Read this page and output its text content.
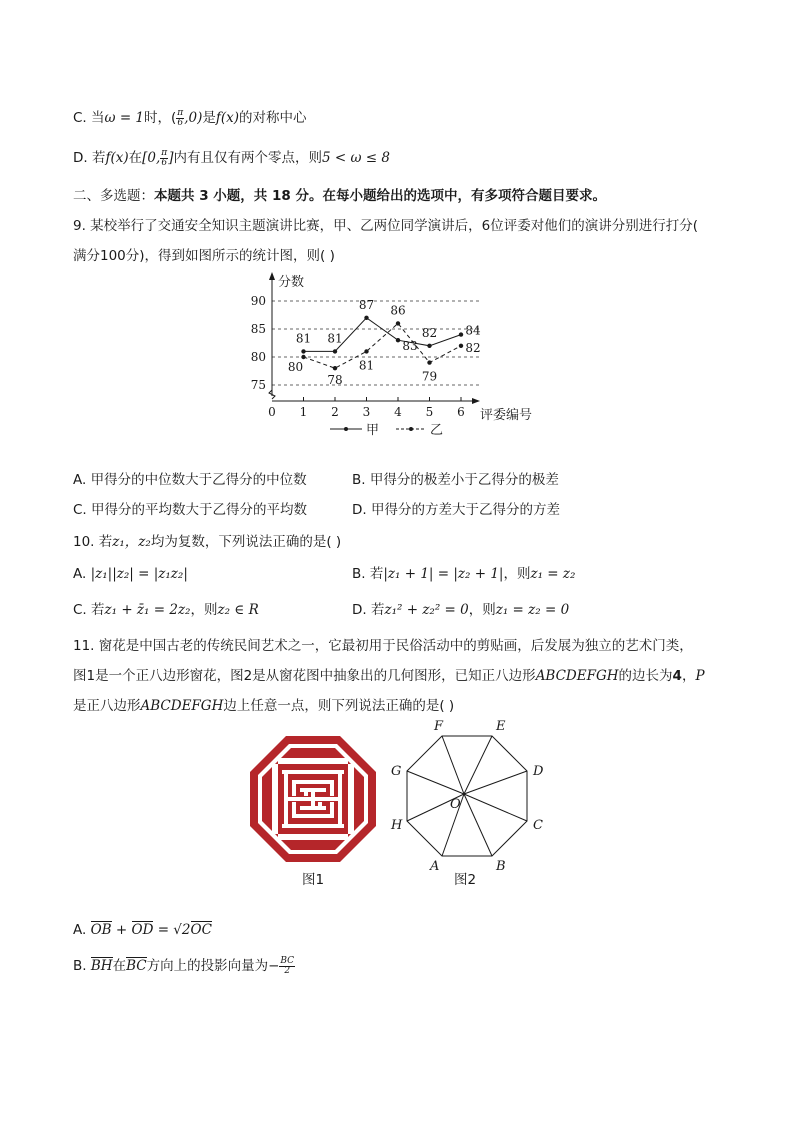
C. 当ω = 1时，( $\frac{\pi}{6} ,0$)是f(x)的对称中心
D. 若f(x)在[0, $\frac{\pi}{6}$ ]内有且仅有两个零点，则5 < ω ≤ 8
二、多选题：本题共 3 小题，共 18 分。在每小题给出的选项中，有多项符合题目要求。
9. 某校举行了交通安全知识主题演讲比赛，甲、乙两位同学演讲后，6位评委对他们的演讲分别进行打分(
满分100分)，得到如图所示的统计图，则( )
75
80
85
90
0 1 2 3 4 5 6
分数
评委编号
81 81
87
83
82 84
80
78
81
86
79
82
甲	乙
A. 甲得分的中位数大于乙得分的中位数	B. 甲得分的极差小于乙得分的极差
C. 甲得分的平均数大于乙得分的平均数	D. 甲得分的方差大于乙得分的方差
10. 若z₁，z₂均为复数，下列说法正确的是( )
A. |z₁||z₂| = |z₁z₂|	B. 若|z₁ + 1| = |z₂ + 1|，则z₁ = z₂
C. 若z₁ + z̄₁ = 2z₂，则z₂ ∈ R	D. 若z₁² + z₂² = 0，则z₁ = z₂ = 0
11. 窗花是中国古老的传统民间艺术之一，它最初用于民俗活动中的剪贴画，后发展为独立的艺术门类，
图1是一个正八边形窗花，图2是从窗花图中抽象出的几何图形，已知正八边形ABCDEFGH的边长为4，P
是正八边形ABCDEFGH边上任意一点，则下列说法正确的是( )
图1
A	B
C
D
E
F
G
H
O
图2
A. OB + OD = √2OC
B. BH在BC方向上的投影向量为− $\frac{BC}{2}$
